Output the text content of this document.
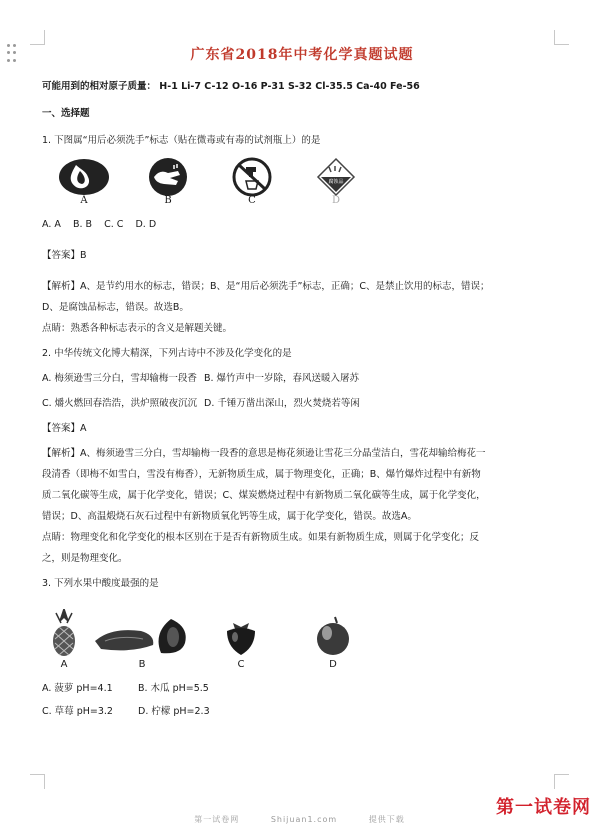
广东省2018年中考化学真题试题

可能用到的相对原子质量： H-1 Li-7 C-12 O-16 P-31 S-32 Cl-35.5 Ca-40 Fe-56

一、选择题

1. 下图属“用后必须洗手”标志（贴在微毒或有毒的试剂瓶上）的是

A	B	C
腐蚀品
D

A. A    B. B    C. C    D. D

【答案】B

【解析】A、是节约用水的标志，错误；B、是“用后必须洗手”标志，正确；C、是禁止饮用的标志，错误；

D、是腐蚀品标志，错误。故选B。

点睛：熟悉各种标志表示的含义是解题关键。

2. 中华传统文化博大精深，下列古诗中不涉及化学变化的是

A. 梅须逊雪三分白，雪却输梅一段香 B. 爆竹声中一岁除，春风送暖入屠苏
C. 爝火燃回春浩浩，洪炉照破夜沉沉 D. 千锤万凿出深山，烈火焚烧若等闲

【答案】A

【解析】A、梅须逊雪三分白，雪却输梅一段香的意思是梅花须逊让雪花三分晶莹洁白，雪花却输给梅花一

段清香（即梅不如雪白，雪没有梅香），无新物质生成，属于物理变化，正确；B、爆竹爆炸过程中有新物

质二氧化碳等生成，属于化学变化，错误；C、煤炭燃烧过程中有新物质二氧化碳等生成，属于化学变化，

错误；D、高温煅烧石灰石过程中有新物质氧化钙等生成，属于化学变化，错误。故选A。

点睛：物理变化和化学变化的根本区别在于是否有新物质生成。如果有新物质生成，则属于化学变化；反

之，则是物理变化。

3. 下列水果中酸度最强的是

A	B	C	D
A. 菠萝 pH=4.1	B. 木瓜 pH=5.5
C. 草莓 pH=3.2	D. 柠檬 pH=2.3
第一试卷网	Shijuan1.com	提供下载
第一试卷网
